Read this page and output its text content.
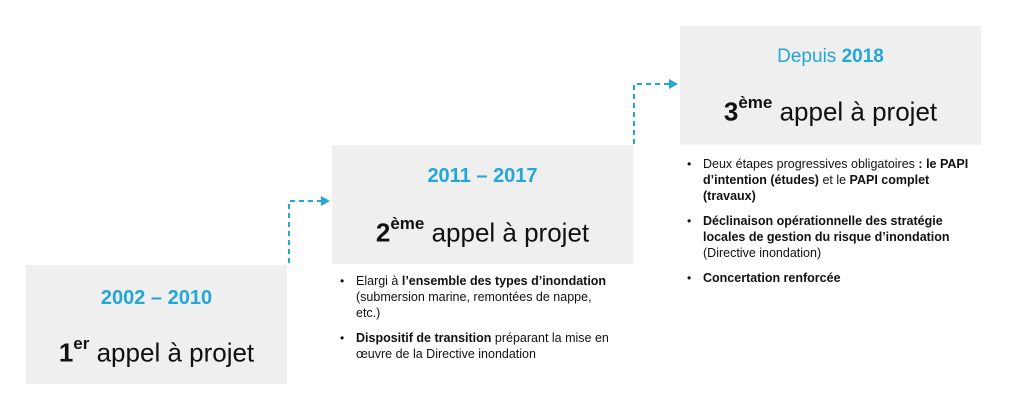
2002 – 2010
1er appel à projet
2011 – 2017
2ème appel à projet
Depuis 2018
3ème appel à projet
• Elargi à l’ensemble des types d’inondation (submersion marine, remontées de nappe, etc.)
• Dispositif de transition préparant la mise en œuvre de la Directive inondation
• Deux étapes progressives obligatoires : le PAPI d’intention (études) et le PAPI complet (travaux)
• Déclinaison opérationnelle des stratégie locales de gestion du risque d’inondation (Directive inondation)
• Concertation renforcée
